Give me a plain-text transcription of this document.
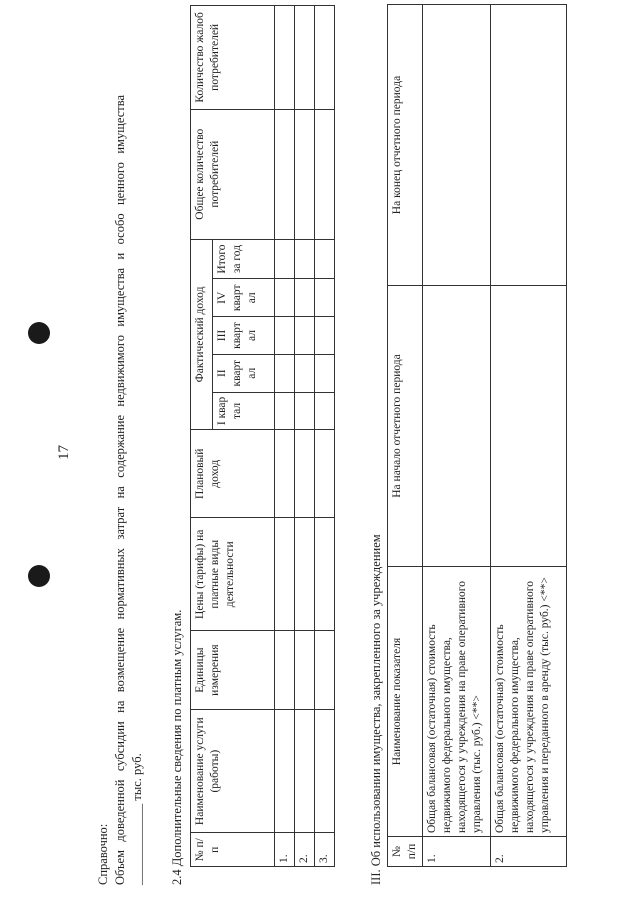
17
Справочно: Объем доведенной субсидии на возмещение нормативных затрат на содержание недвижимого имущества и особо ценного имущества _____________ тыс. руб. 2.4 Дополнительные сведения по платным услугам. № п/п	Наименование услуги (работы)	Единицы измерения	Цены (тарифы) на платные виды деятельности	Плановый доход	Фактический доход					Общее количество потребителей	Количество жалоб потребителей
					I квар тал	II кварт ал	III кварт ал	IV кварт ал	Итого за год		
1.											
2.											
3.												III. Об использовании имущества, закрепленного за учреждением № п/п	Наименование показателя	На начало отчетного периода	На конец отчетного периода
1.	Общая балансовая (остаточная) стоимость недвижимого федерального имущества, находящегося у учреждения на праве оперативного управления (тыс. руб.) <**>		
2.	Общая балансовая (остаточная) стоимость недвижимого федерального имущества, находящегося у учреждения на праве оперативного управления и переданного в аренду (тыс. руб.) <**>		
